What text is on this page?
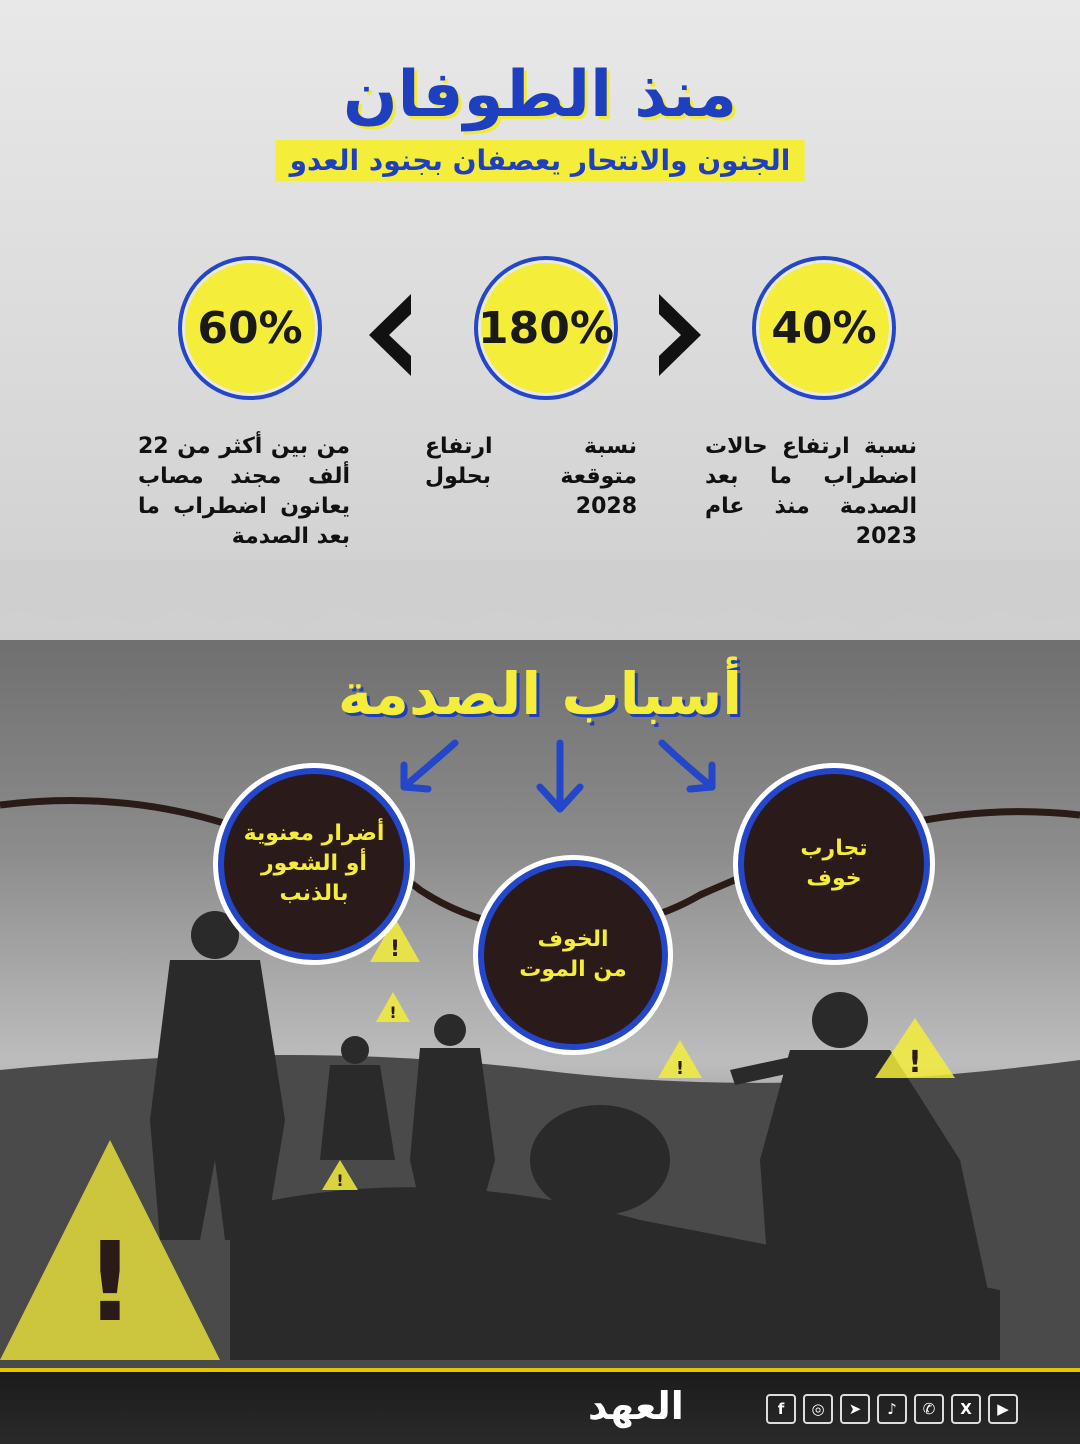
!
!
!
!
!
!
منذ الطوفان
الجنون والانتحار يعصفان بجنود العدو
40%
180%
60%
نسبة ارتفاع حالات اضطراب ما بعد الصدمة منذ عام 2023
نسبة ارتفاع متوقعة بحلول 2028
من بين أكثر من 22 ألف مجند مصاب يعانون اضطراب ما بعد الصدمة
أسباب الصدمة
تجارب خوف
الخوف من الموت
أضرار معنوية أو الشعور بالذنب
العهد	f	◎	➤	♪	✆	X	▶
